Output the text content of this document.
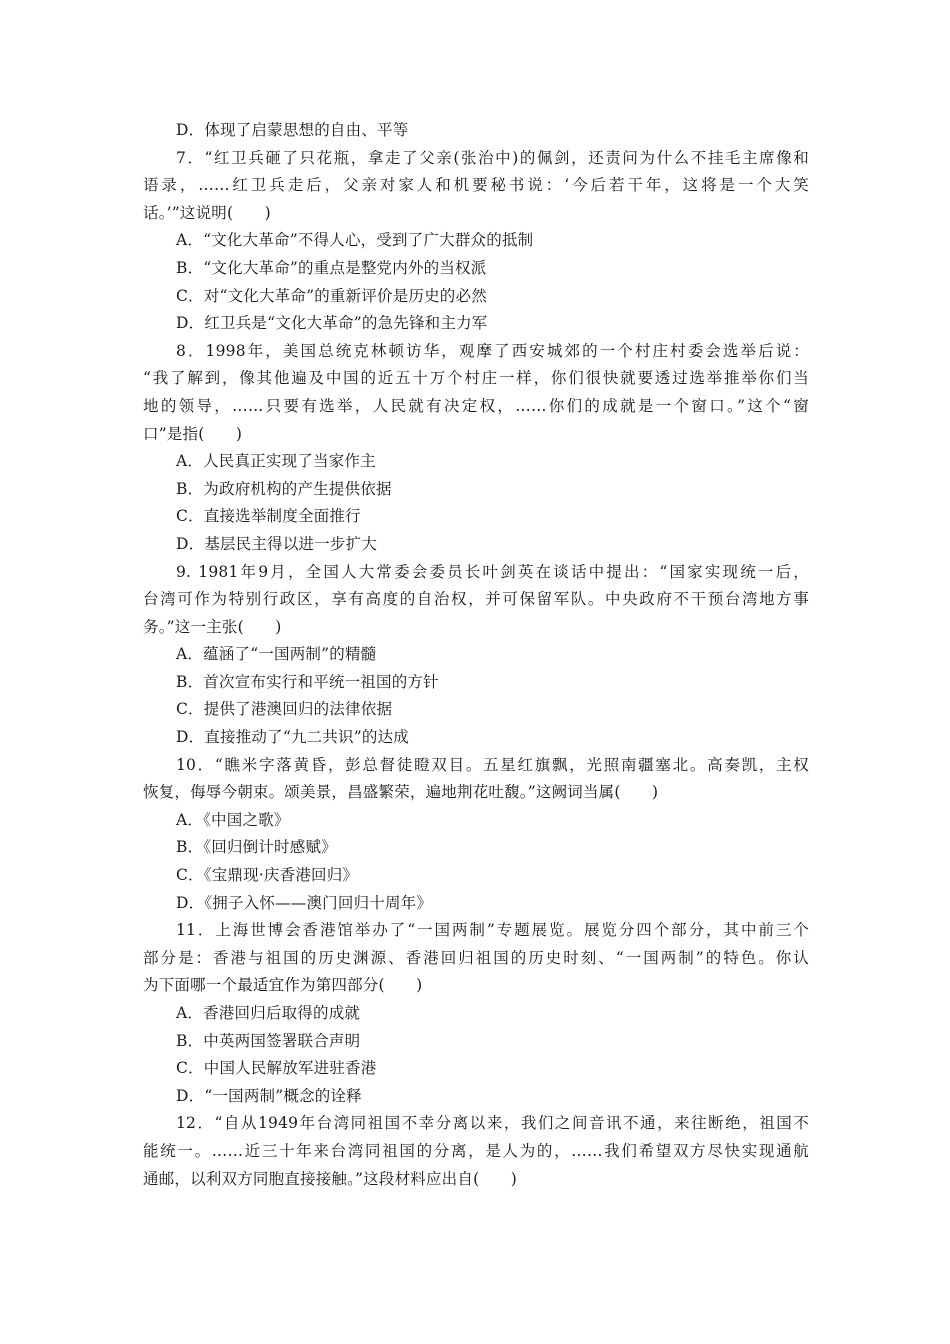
D．体现了启蒙思想的自由、平等
7．“红卫兵砸了只花瓶，拿走了父亲(张治中)的佩剑，还责问为什么不挂毛主席像和
语录，……红卫兵走后，父亲对家人和机要秘书说：‘今后若干年，这将是一个大笑
话。’”这说明(　　)
A．“文化大革命”不得人心，受到了广大群众的抵制
B．“文化大革命”的重点是整党内外的当权派
C．对“文化大革命”的重新评价是历史的必然
D．红卫兵是“文化大革命”的急先锋和主力军
8．1998年，美国总统克林顿访华，观摩了西安城郊的一个村庄村委会选举后说：
“我了解到，像其他遍及中国的近五十万个村庄一样，你们很快就要透过选举推举你们当
地的领导，……只要有选举，人民就有决定权，……你们的成就是一个窗口。”这个“窗
口”是指(　　)
A．人民真正实现了当家作主
B．为政府机构的产生提供依据
C．直接选举制度全面推行
D．基层民主得以进一步扩大
9. 1981年9月，全国人大常委会委员长叶剑英在谈话中提出：“国家实现统一后，
台湾可作为特别行政区，享有高度的自治权，并可保留军队。中央政府不干预台湾地方事
务。”这一主张(　　)
A．蕴涵了“一国两制”的精髓
B．首次宣布实行和平统一祖国的方针
C．提供了港澳回归的法律依据
D．直接推动了“九二共识”的达成
10．“瞧米字落黄昏，彭总督徒瞪双目。五星红旗飘，光照南疆塞北。高奏凯，主权
恢复，侮辱今朝束。颂美景，昌盛繁荣，遍地荆花吐馥。”这阙词当属(　　)
A．《中国之歌》
B．《回归倒计时感赋》
C．《宝鼎现·庆香港回归》
D．《拥子入怀——澳门回归十周年》
11．上海世博会香港馆举办了“一国两制”专题展览。展览分四个部分，其中前三个
部分是：香港与祖国的历史渊源、香港回归祖国的历史时刻、“一国两制”的特色。你认
为下面哪一个最适宜作为第四部分(　　)
A．香港回归后取得的成就
B．中英两国签署联合声明
C．中国人民解放军进驻香港
D．“一国两制”概念的诠释
12．“自从1949年台湾同祖国不幸分离以来，我们之间音讯不通，来往断绝，祖国不
能统一。……近三十年来台湾同祖国的分离，是人为的，……我们希望双方尽快实现通航
通邮，以利双方同胞直接接触。”这段材料应出自(　　)
